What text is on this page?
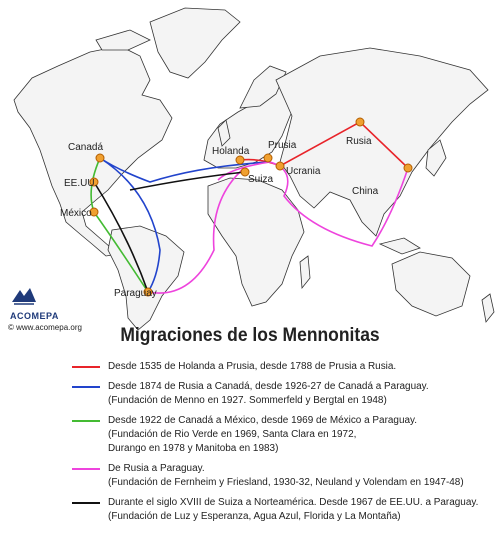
Canadá
EE.UU.
México
Paraguay
Holanda
Prusia
Suiza
Ucrania
Rusia
China
ACOMEPA
© www.acomepa.org	Migraciones de los Mennonitas
Desde 1535 de Holanda a Prusia, desde 1788 de Prusia a Rusia.
Desde 1874 de Rusia a Canadá, desde 1926-27 de Canadá a Paraguay.
(Fundación de Menno en 1927. Sommerfeld y Bergtal en 1948)
Desde 1922 de Canadá a México, desde 1969 de México a Paraguay.
(Fundación de Rio Verde en 1969, Santa Clara en 1972,
Durango en 1978 y Manitoba en 1983)
De Rusia a Paraguay.
(Fundación de Fernheim y Friesland, 1930-32, Neuland y Volendam en 1947-48)
Durante el siglo XVIII de Suiza a Norteamérica. Desde 1967 de EE.UU. a Paraguay.
(Fundación de Luz y Esperanza, Agua Azul, Florida y La Montaña)
